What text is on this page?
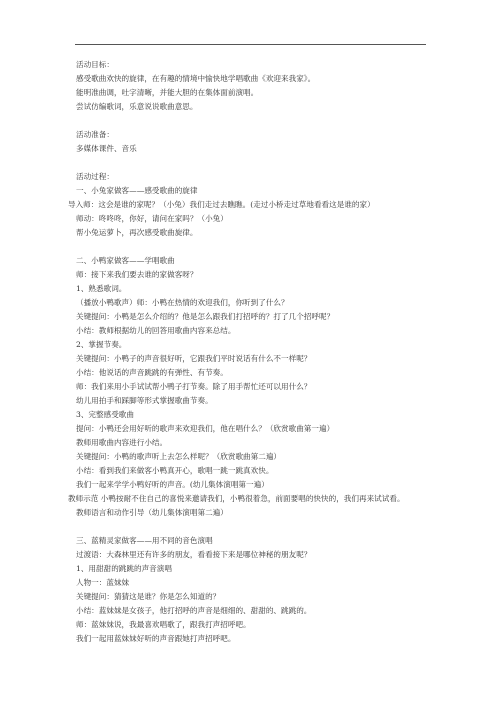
活动目标：
感受歌曲欢快的旋律，在有趣的情境中愉快地学唱歌曲《欢迎来我家》。
能明准曲调，吐字清晰，并能大胆的在集体面前演唱。
尝试仿编歌词，乐意说说歌曲意思。
活动准备：
多媒体课件、音乐
活动过程：
一、小兔家做客——感受歌曲的旋律
导入师：这会是谁的家呢？（小兔）我们走过去瞧瞧。(走过小桥走过草地看看这是谁的家）
师动：咚咚咚，你好，请问在家吗？（小兔）
帮小兔运萝卜，再次感受歌曲旋律。
二、小鸭家做客——学唱歌曲
师：接下来我们要去谁的家做客呀？
1、熟悉歌词。
（播放小鸭歌声）师：小鸭在热情的欢迎我们，你听到了什么？
关键提问：小鸭是怎么介绍的？他是怎么跟我们打招呼的？打了几个招呼呢？
小结：教师根据幼儿的回答用歌曲内容来总结。
2、掌握节奏。
关键提问：小鸭子的声音很好听，它跟我们平时说话有什么不一样呢？
小结：他说话的声音跳跳的有弹性、有节奏。
师：我们来用小手试试帮小鸭子打节奏。除了用手帮忙还可以用什么？
幼儿用拍手和踩脚等形式掌握歌曲节奏。
3、完整感受歌曲
提问：小鸭还会用好听的歌声来欢迎我们，他在唱什么？（欣赏歌曲第一遍）
教师用歌曲内容进行小结。
关键提问：小鸭的歌声听上去怎么样呢？（欣赏歌曲第二遍）
小结：看到我们来做客小鸭真开心，歌唱一跳一跳真欢快。
我们一起来学学小鸭好听的声音。(幼儿集体演唱第一遍）
教师示范 小鸭按耐不住自己的喜悦来邀请我们，小鸭很着急，前面要唱的快快的，我们再来试试看。
教师语言和动作引导（幼儿集体演唱第二遍）
三、蓝精灵家做客——用不同的音色演唱
过渡语：大森林里还有许多的朋友，看看接下来是哪位神秘的朋友呢？
1、用甜甜的跳跳的声音演唱
人物一：蓝妹妹
关键提问：猜猜这是谁？你是怎么知道的？
小结：蓝妹妹是女孩子，他打招呼的声音是细细的、甜甜的、跳跳的。
师：蓝妹妹说，我最喜欢唱歌了，跟我打声招呼吧。
我们一起用蓝妹妹好听的声音跟她打声招呼吧。
